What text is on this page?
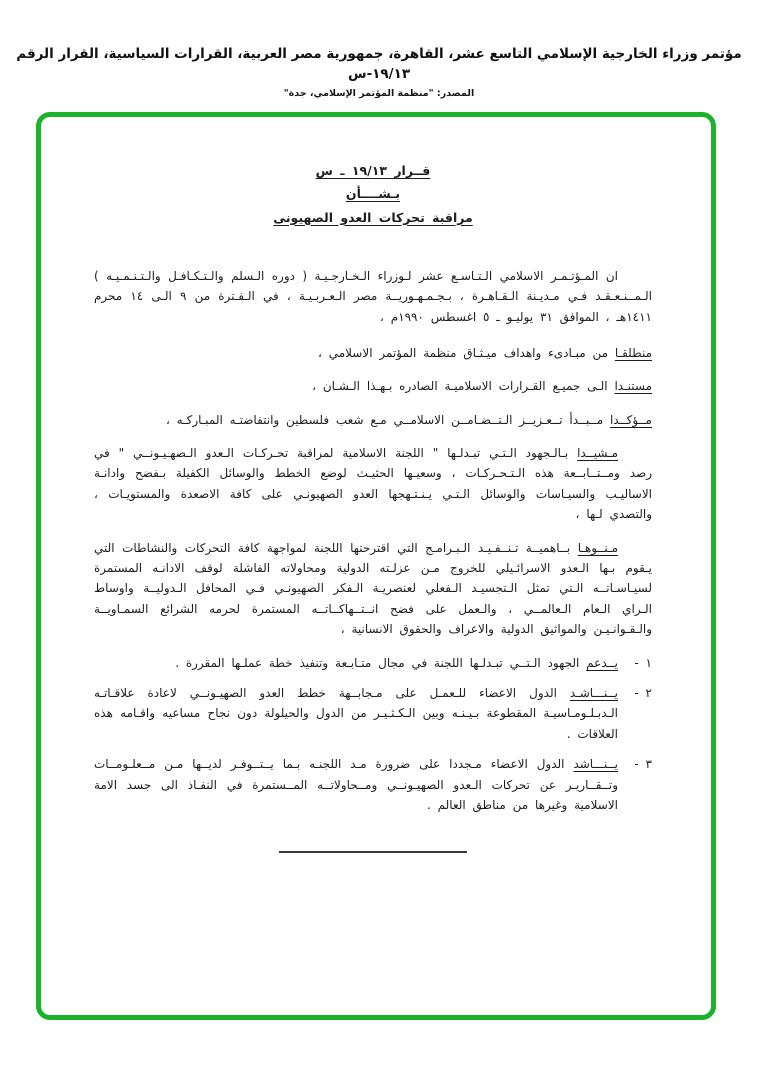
مؤتمر وزراء الخارجية الإسلامي التاسع عشر، القاهرة، جمهورية مصر العربية، القرارات السياسية، القرار الرقم ١٩/١٣-س
المصدر: "منظمة المؤتمر الإسلامي، جدة"
قــرار ١٩/١٣ ـ س
بـشــــأن
مراقبة تحركات العدو الصهيونى

ان المـؤتـمـر الاسلامي الـتـاسـع عشر لـوزراء الـخـارجـيـة ( دوره الـسلم والـتـكـافـل والـتـنـمـيـه ) الـمــنـعـقـد فـي مـديـنة الـقـاهـرة ، بـجـمـهـوريــة مصر الـعـربـيـة ، في الـفـترة من ٩ الـى ١٤ محرم ١٤١١هـ ، الموافق ٣١ يوليـو ـ ٥ اغسطس ١٩٩٠م ،

منطلقـا من مبـادىء واهداف ميـثـاق منظمة المؤتمر الاسلامي ،

مستنـدا الـى جميـع القـرارات الاسلاميـة الصادره بـهـذا الـشـان ،

مــؤكــدا مــبــدأ تــعـزيــز الـتــضـامــن الاسلامــي مـع شعب فلسطين وانتفاضتـه المبـاركـه ،

مـشيــدا بـالـجهود الـتـي تبـدلـها " اللجنة الاسلامية لمراقبة تحـركـات الـعدو الـصهـيـونــي " في رصد ومــتــابــعة هذه الـتـحـركـات ، وسعيـها الحثيـث لوضع الخطط والوسائل الكفيلة بـفضح وادانـة الاساليـب والسيـاسات والوسائل الـتـي يـنـتـهجها العدو الصهيونـي على كافة الاصعدة والمستويـات ، والتصدي لـها ،

مـنــوهـا بــاهميــة تـنــفـيـد الـبـرامـج التي اقترحتها اللجنة لمواجهة كافة التحركات والنشاطات التي يـقوم بـها الـعدو الاسرائـيلي للخروج مـن عزلـته الدولية ومحاولاته الفاشلة لوقف الادانـه المستمرة لسيـاسـاتــه الـتي تمثل الـتجسيـد الـفعلي لعنصريـة الـفكر الصهيونـي فـي المحافل الـدوليــة واوساط الـراي الـعام الـعالمــي ، والـعمل على فضح انــتــهاكــاتــه المستمرة لحرمه الشرائع السمـاويــة والـقـوانـيـن والمواثيق الدولية والاعراف والحقوق الانسانية ،

١ -
يــدعم الجهود الـتــي تبـدلـها اللجنة في مجال متـابـعة وتنفيذ خطة عملـها المقررة .
٢ -
يــنـــاشـد الدول الاعضاء للـعمـل على مـجابــهة خطط العدو الصهيـونــي لاعادة علاقـاتـه الـدبـلـومـاسيـة المقطوعة بـيـنـه وبين الـكـثـيـر من الدول والحيلولة دون نجاح مساعيه واقـامه هذه العلاقات .
٣ -
يــنـــاشد الدول الاعضاء مـجددا على ضرورة مـد اللجنـه بـما يــتــوفـر لديــها مـن مــعلـومــات وتــقــاريـر عن تحركات الـعدو الصهيـونــي ومــحاولاتــه المــستمرة في النفـاذ الى جسد الامة الاسلامية وغيرها من مناطق العالم .
